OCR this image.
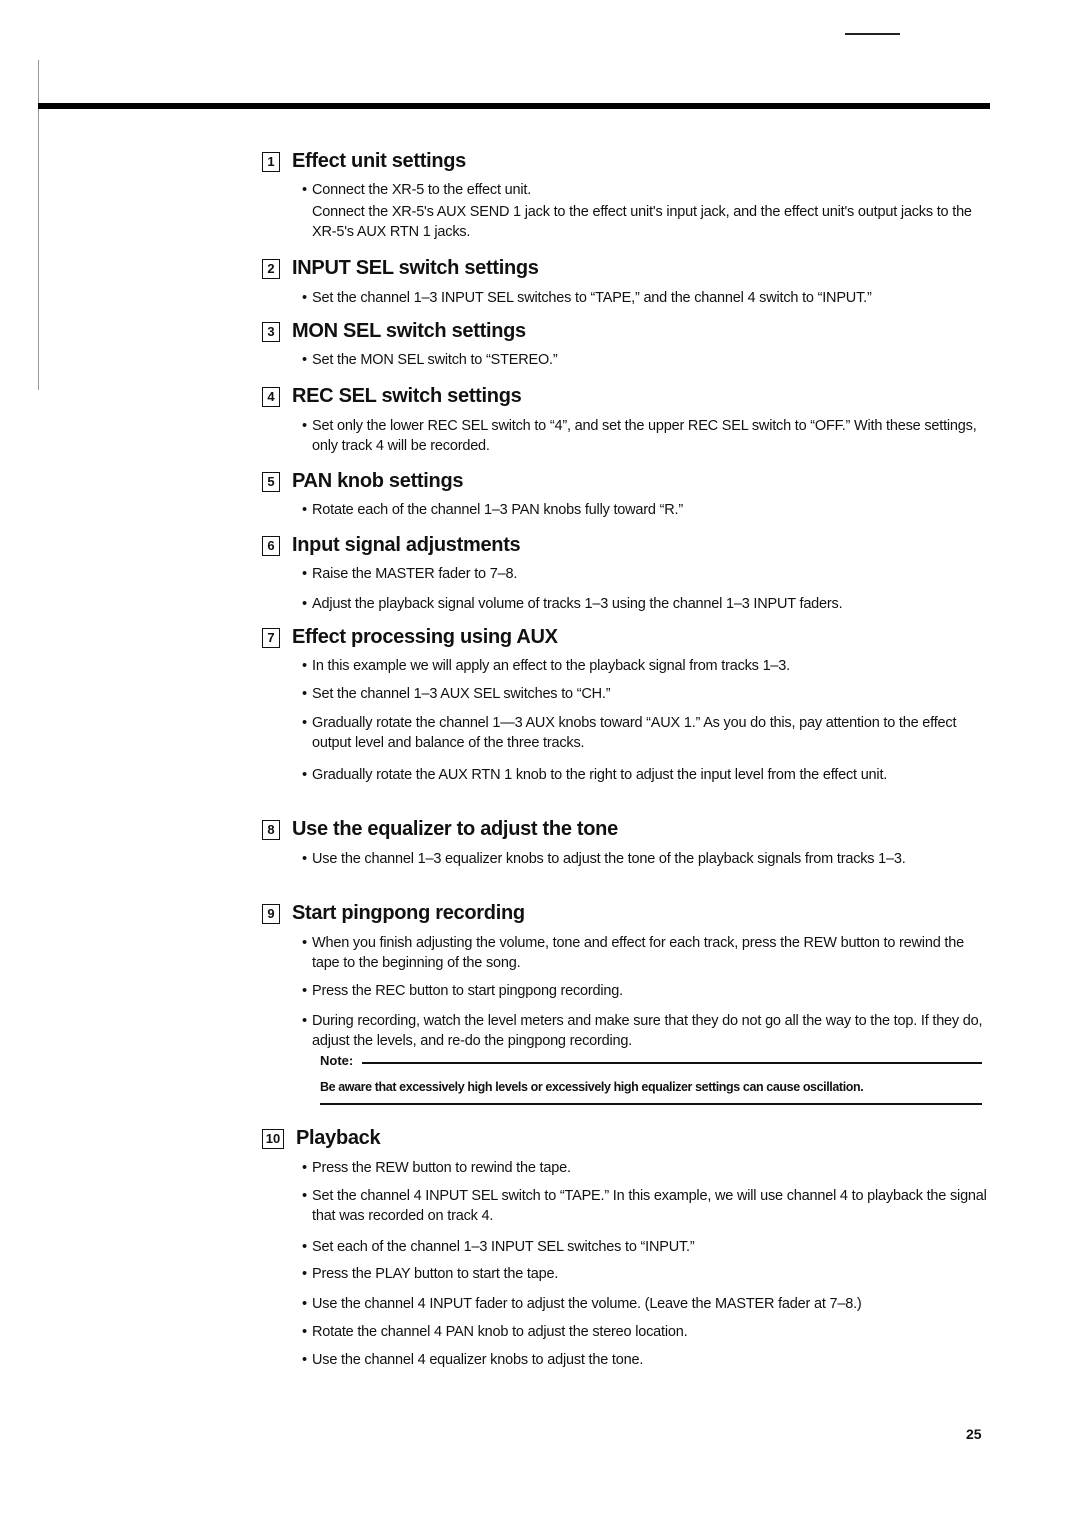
1 Effect unit settings
• Connect the XR-5 to the effect unit.
Connect the XR-5's AUX SEND 1 jack to the effect unit's input jack, and the effect unit's output jacks to the XR-5's AUX RTN 1 jacks.
2 INPUT SEL switch settings
• Set the channel 1–3 INPUT SEL switches to “TAPE,” and the channel 4 switch to “INPUT.”
3 MON SEL switch settings
• Set the MON SEL switch to “STEREO.”
4 REC SEL switch settings
• Set only the lower REC SEL switch to “4”, and set the upper REC SEL switch to “OFF.” With these settings, only track 4 will be recorded.
5 PAN knob settings
• Rotate each of the channel 1–3 PAN knobs fully toward “R.”
6 Input signal adjustments
• Raise the MASTER fader to 7–8.
• Adjust the playback signal volume of tracks 1–3 using the channel 1–3 INPUT faders.
7 Effect processing using AUX
• In this example we will apply an effect to the playback signal from tracks 1–3.
• Set the channel 1–3 AUX SEL switches to “CH.”
• Gradually rotate the channel 1—3 AUX knobs toward “AUX 1.” As you do this, pay attention to the effect output level and balance of the three tracks.
• Gradually rotate the AUX RTN 1 knob to the right to adjust the input level from the effect unit.
8 Use the equalizer to adjust the tone
• Use the channel 1–3 equalizer knobs to adjust the tone of the playback signals from tracks 1–3.
9 Start pingpong recording
• When you finish adjusting the volume, tone and effect for each track, press the REW button to rewind the tape to the beginning of the song.
• Press the REC button to start pingpong recording.
• During recording, watch the level meters and make sure that they do not go all the way to the top. If they do, adjust the levels, and re-do the pingpong recording.
10 Playback
• Press the REW button to rewind the tape.
• Set the channel 4 INPUT SEL switch to “TAPE.” In this example, we will use channel 4 to playback the signal that was recorded on track 4.
• Set each of the channel 1–3 INPUT SEL switches to “INPUT.”
• Press the PLAY button to start the tape.
• Use the channel 4 INPUT fader to adjust the volume. (Leave the MASTER fader at 7–8.)
• Rotate the channel 4 PAN knob to adjust the stereo location.
• Use the channel 4 equalizer knobs to adjust the tone.
Note:
Be aware that excessively high levels or excessively high equalizer settings can cause oscillation.
25
